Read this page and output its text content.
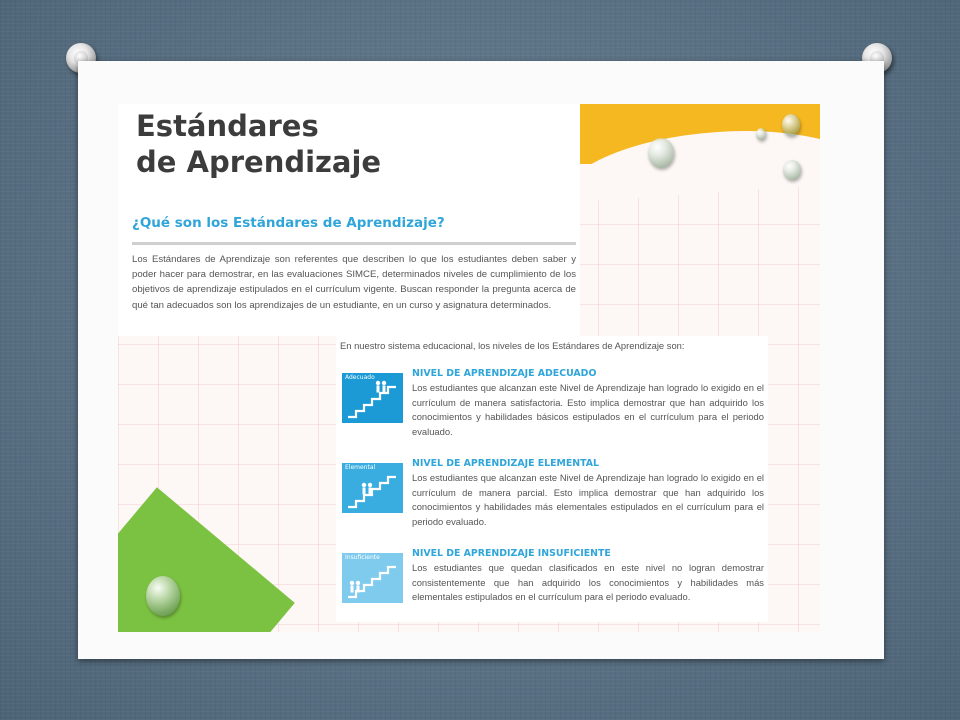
Estándares
de Aprendizaje
¿Qué son los Estándares de Aprendizaje?

Los Estándares de Aprendizaje son referentes que describen lo que los estudiantes deben saber y poder hacer para demostrar, en las evaluaciones SIMCE, determinados niveles de cumplimiento de los objetivos de aprendizaje estipulados en el currículum vigente. Buscan responder la pregunta acerca de qué tan adecuados son los aprendizajes de un estudiante, en un curso y asignatura determinados.

En nuestro sistema educacional, los niveles de los Estándares de Aprendizaje son:

Adecuado	NIVEL DE APRENDIZAJE ADECUADO

Los estudiantes que alcanzan este Nivel de Aprendizaje han logrado lo exigido en el currículum de manera satisfactoria. Esto implica demostrar que han adquirido los conocimientos y habilidades básicos estipulados en el currículum para el periodo evaluado.

Elemental	NIVEL DE APRENDIZAJE ELEMENTAL

Los estudiantes que alcanzan este Nivel de Aprendizaje han logrado lo exigido en el currículum de manera parcial. Esto implica demostrar que han adquirido los conocimientos y habilidades más elementales estipulados en el currículum para el periodo evaluado.

Insuficiente	NIVEL DE APRENDIZAJE INSUFICIENTE

Los estudiantes que quedan clasificados en este nivel no logran demostrar consistentemente que han adquirido los conocimientos y habilidades más elementales estipulados en el currículum para el periodo evaluado.
